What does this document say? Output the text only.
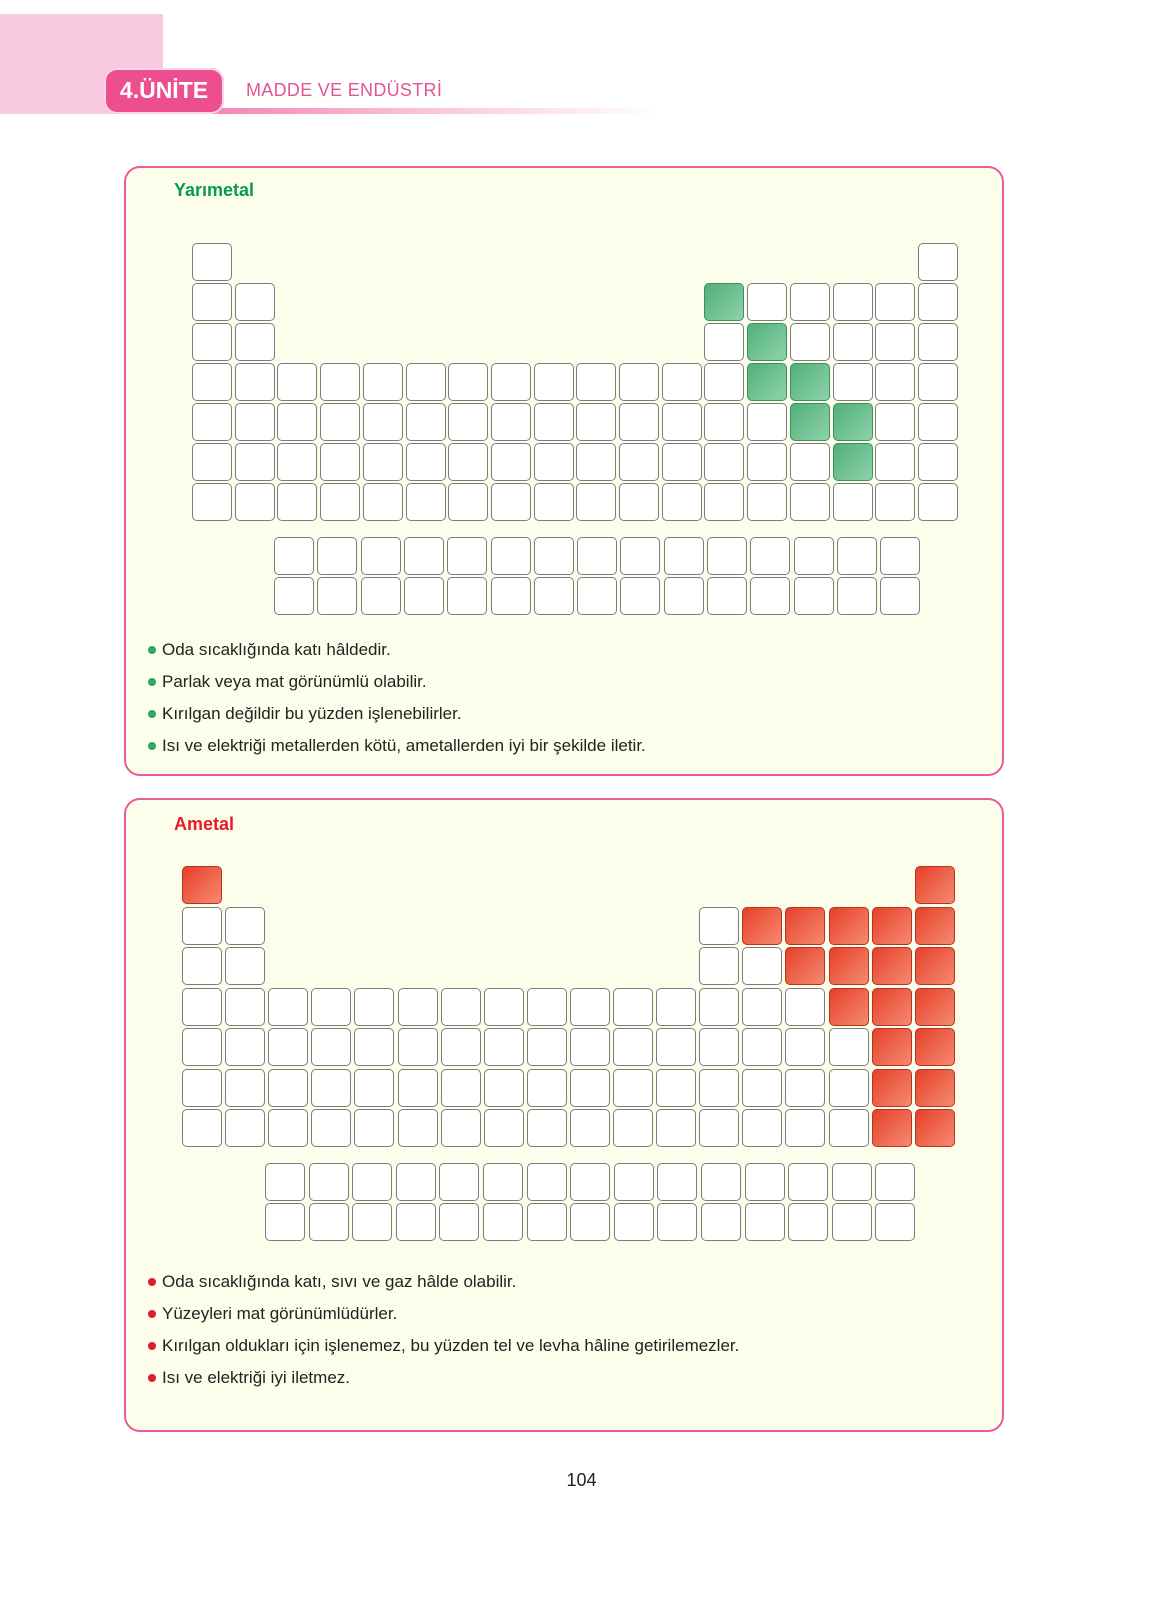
4.ÜNİTE	MADDE VE ENDÜSTRİ
Yarımetal
Oda sıcaklığında katı hâldedir.
Parlak veya mat görünümlü olabilir.
Kırılgan değildir bu yüzden işlenebilirler.
Isı ve elektriği metallerden kötü, ametallerden iyi bir şekilde iletir.
Ametal
Oda sıcaklığında katı, sıvı ve gaz hâlde olabilir.
Yüzeyleri mat görünümlüdürler.
Kırılgan oldukları için işlenemez, bu yüzden tel ve levha hâline getirilemezler.
Isı ve elektriği iyi iletmez.
104
